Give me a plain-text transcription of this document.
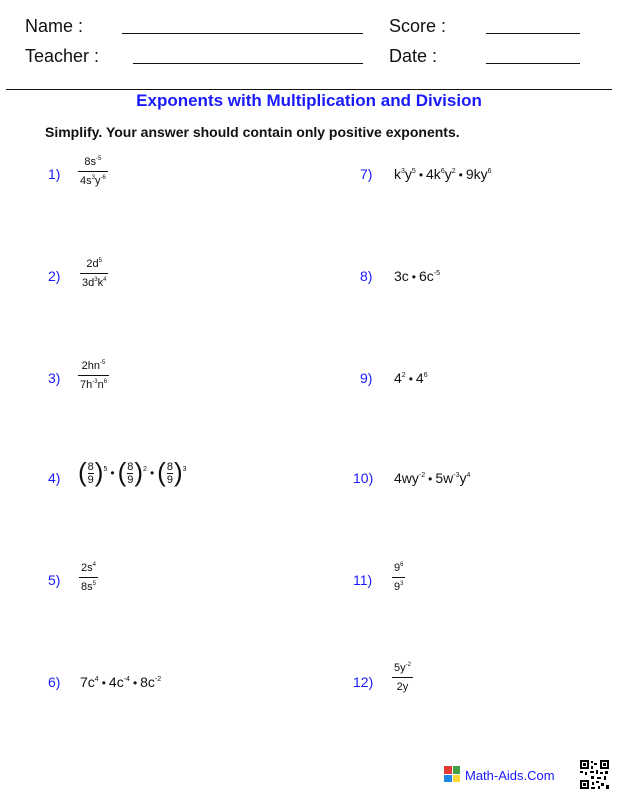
Name :	Score :
Teacher :	Date :
Exponents with Multiplication and Division
Simplify. Your answer should contain only positive exponents.
1)
$8s^{-5}$
$4s^3y^{-6}$	7) $k^3y^5$ • $4k^6y^2$ • $9ky^6$
2)
$2d^5$
$3d^3k^4$	8) 3c • $6c^{-5}$
3)
$2hn^{-5}$
$7h^{-3}n^6$	9) $4^2$ • $4^6$
4) ( $\frac{8}{9} )^5$ • ( $\frac{8}{9} )^2$ • ( $\frac{8}{9} )^3$
10) $4wy^{-2}$ • $5w^{-3}y^4$
5)
$2s^4$
$8s^5$	11)
$9^6$
$9^3$
6) $7c^4$ • $4c^{-4}$ • $8c^{-2}$	12)
$5y^{-2}$
2y
Math-Aids.Com
